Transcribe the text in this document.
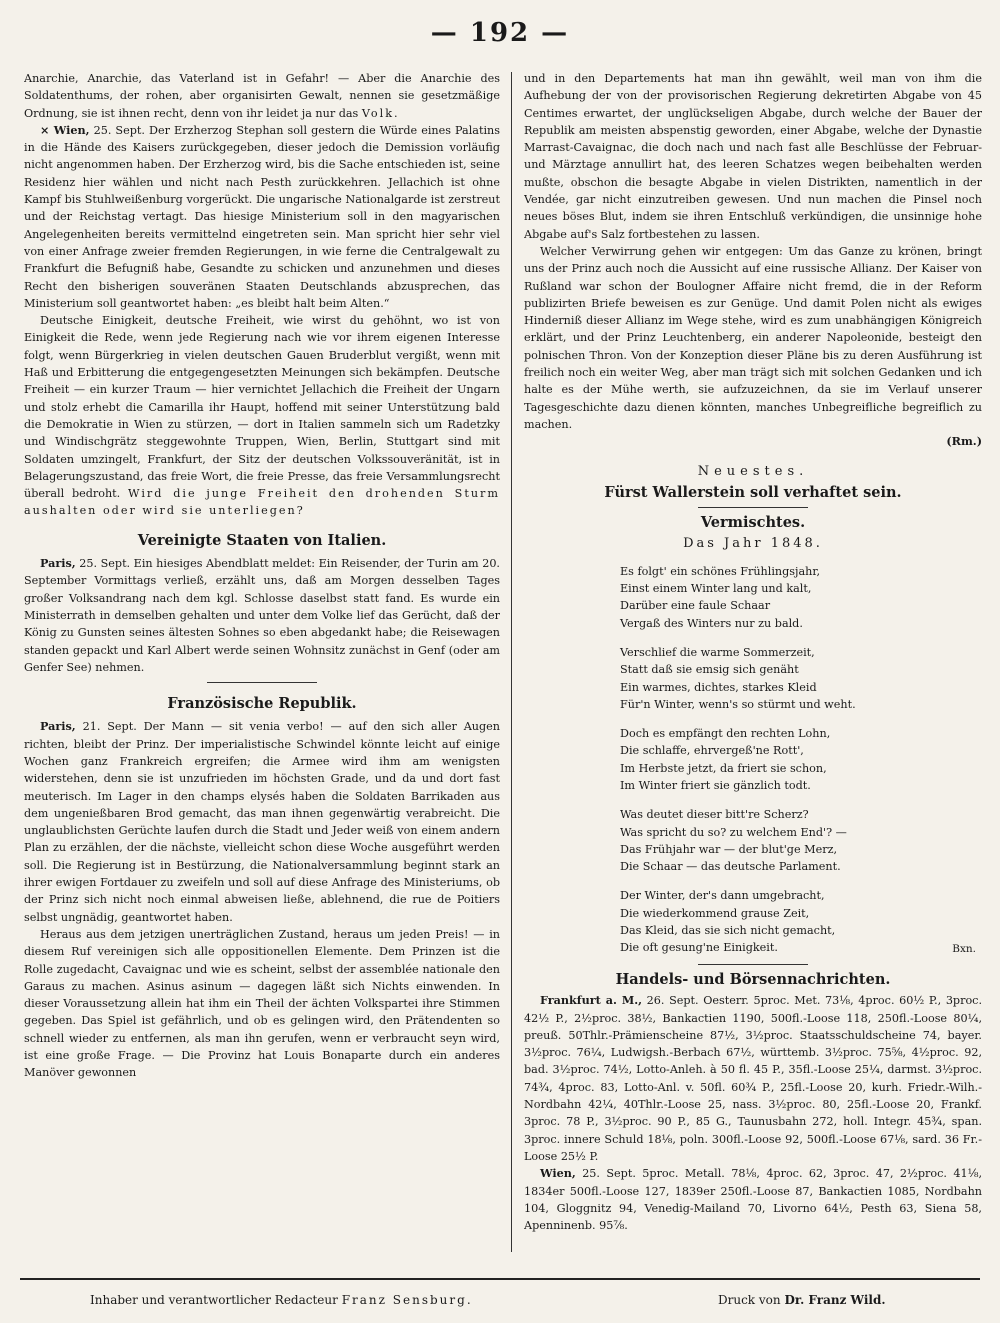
— 192 —

Anarchie, Anarchie, das Vaterland ist in Gefahr! — Aber die Anarchie des Soldatenthums, der rohen, aber organisirten Gewalt, nennen sie gesetzmäßige Ordnung, sie ist ihnen recht, denn von ihr leidet ja nur das Volk.

⨯ Wien, 25. Sept. Der Erzherzog Stephan soll gestern die Würde eines Palatins in die Hände des Kaisers zurückgegeben, dieser jedoch die Demission vorläufig nicht angenommen haben. Der Erzherzog wird, bis die Sache entschieden ist, seine Residenz hier wählen und nicht nach Pesth zurückkehren. Jellachich ist ohne Kampf bis Stuhlweißenburg vorgerückt. Die ungarische Nationalgarde ist zerstreut und der Reichstag vertagt. Das hiesige Ministerium soll in den magyarischen Angelegenheiten bereits vermittelnd eingetreten sein. Man spricht hier sehr viel von einer Anfrage zweier fremden Regierungen, in wie ferne die Centralgewalt zu Frankfurt die Befugniß habe, Gesandte zu schicken und anzunehmen und dieses Recht den bisherigen souveränen Staaten Deutschlands abzusprechen, das Ministerium soll geantwortet haben: „es bleibt halt beim Alten.“

Deutsche Einigkeit, deutsche Freiheit, wie wirst du gehöhnt, wo ist von Einigkeit die Rede, wenn jede Regierung nach wie vor ihrem eigenen Interesse folgt, wenn Bürgerkrieg in vielen deutschen Gauen Bruderblut vergißt, wenn mit Haß und Erbitterung die entgegengesetzten Meinungen sich bekämpfen. Deutsche Freiheit — ein kurzer Traum — hier vernichtet Jellachich die Freiheit der Ungarn und stolz erhebt die Camarilla ihr Haupt, hoffend mit seiner Unterstützung bald die Demokratie in Wien zu stürzen, — dort in Italien sammeln sich um Radetzky und Windischgrätz steggewohnte Truppen, Wien, Berlin, Stuttgart sind mit Soldaten umzingelt, Frankfurt, der Sitz der deutschen Volkssouveränität, ist in Belagerungszustand, das freie Wort, die freie Presse, das freie Versammlungsrecht überall bedroht. Wird die junge Freiheit den drohenden Sturm aushalten oder wird sie unterliegen?

Vereinigte Staaten von Italien.

Paris, 25. Sept. Ein hiesiges Abendblatt meldet: Ein Reisender, der Turin am 20. September Vormittags verließ, erzählt uns, daß am Morgen desselben Tages großer Volksandrang nach dem kgl. Schlosse daselbst statt fand. Es wurde ein Ministerrath in demselben gehalten und unter dem Volke lief das Gerücht, daß der König zu Gunsten seines ältesten Sohnes so eben abgedankt habe; die Reisewagen standen gepackt und Karl Albert werde seinen Wohnsitz zunächst in Genf (oder am Genfer See) nehmen.

Französische Republik.

Paris, 21. Sept. Der Mann — sit venia verbo! — auf den sich aller Augen richten, bleibt der Prinz. Der imperialistische Schwindel könnte leicht auf einige Wochen ganz Frankreich ergreifen; die Armee wird ihm am wenigsten widerstehen, denn sie ist unzufrieden im höchsten Grade, und da und dort fast meuterisch. Im Lager in den champs elysés haben die Soldaten Barrikaden aus dem ungenießbaren Brod gemacht, das man ihnen gegenwärtig verabreicht. Die unglaublichsten Gerüchte laufen durch die Stadt und Jeder weiß von einem andern Plan zu erzählen, der die nächste, vielleicht schon diese Woche ausgeführt werden soll. Die Regierung ist in Bestürzung, die Nationalversammlung beginnt stark an ihrer ewigen Fortdauer zu zweifeln und soll auf diese Anfrage des Ministeriums, ob der Prinz sich nicht noch einmal abweisen ließe, ablehnend, die rue de Poitiers selbst ungnädig, geantwortet haben.

Heraus aus dem jetzigen unerträglichen Zustand, heraus um jeden Preis! — in diesem Ruf vereinigen sich alle oppositionellen Elemente. Dem Prinzen ist die Rolle zugedacht, Cavaignac und wie es scheint, selbst der assemblée nationale den Garaus zu machen. Asinus asinum — dagegen läßt sich Nichts einwenden. In dieser Voraussetzung allein hat ihm ein Theil der ächten Volkspartei ihre Stimmen gegeben. Das Spiel ist gefährlich, und ob es gelingen wird, den Prätendenten so schnell wieder zu entfernen, als man ihn gerufen, wenn er verbraucht seyn wird, ist eine große Frage. — Die Provinz hat Louis Bonaparte durch ein anderes Manöver gewonnen

und in den Departements hat man ihn gewählt, weil man von ihm die Aufhebung der von der provisorischen Regierung dekretirten Abgabe von 45 Centimes erwartet, der unglückseligen Abgabe, durch welche der Bauer der Republik am meisten abspenstig geworden, einer Abgabe, welche der Dynastie Marrast-Cavaignac, die doch nach und nach fast alle Beschlüsse der Februar- und Märztage annullirt hat, des leeren Schatzes wegen beibehalten werden mußte, obschon die besagte Abgabe in vielen Distrikten, namentlich in der Vendée, gar nicht einzutreiben gewesen. Und nun machen die Pinsel noch neues böses Blut, indem sie ihren Entschluß verkündigen, die unsinnige hohe Abgabe auf's Salz fortbestehen zu lassen.

Welcher Verwirrung gehen wir entgegen: Um das Ganze zu krönen, bringt uns der Prinz auch noch die Aussicht auf eine russische Allianz. Der Kaiser von Rußland war schon der Boulogner Affaire nicht fremd, die in der Reform publizirten Briefe beweisen es zur Genüge. Und damit Polen nicht als ewiges Hinderniß dieser Allianz im Wege stehe, wird es zum unabhängigen Königreich erklärt, und der Prinz Leuchtenberg, ein anderer Napoleonide, besteigt den polnischen Thron. Von der Konzeption dieser Pläne bis zu deren Ausführung ist freilich noch ein weiter Weg, aber man trägt sich mit solchen Gedanken und ich halte es der Mühe werth, sie aufzuzeichnen, da sie im Verlauf unserer Tagesgeschichte dazu dienen könnten, manches Unbegreifliche begreiflich zu machen.

(Rm.)
Neuestes.
Fürst Wallerstein soll verhaftet sein.
Vermischtes.
Das Jahr 1848.
Es folgt' ein schönes Frühlingsjahr,
Einst einem Winter lang und kalt,
Darüber eine faule Schaar
Vergaß des Winters nur zu bald.
Verschlief die warme Sommerzeit,
Statt daß sie emsig sich genäht
Ein warmes, dichtes, starkes Kleid
Für'n Winter, wenn's so stürmt und weht.
Doch es empfängt den rechten Lohn,
Die schlaffe, ehrvergeß'ne Rott',
Im Herbste jetzt, da friert sie schon,
Im Winter friert sie gänzlich todt.
Was deutet dieser bitt're Scherz?
Was spricht du so? zu welchem End'? —
Das Frühjahr war — der blut'ge Merz,
Die Schaar — das deutsche Parlament.
Der Winter, der's dann umgebracht,
Die wiederkommend grause Zeit,
Das Kleid, das sie sich nicht gemacht,
Die oft gesung'ne Einigkeit.	Bxn.
Handels- und Börsennachrichten.

Frankfurt a. M., 26. Sept. Oesterr. 5proc. Met. 73⅛, 4proc. 60½ P., 3proc. 42½ P., 2½proc. 38½, Bankactien 1190, 500fl.-Loose 118, 250fl.-Loose 80¼, preuß. 50Thlr.-Prämienscheine 87½, 3½proc. Staatsschuldscheine 74, bayer. 3½proc. 76¼, Ludwigsh.-Berbach 67½, württemb. 3½proc. 75⅝, 4½proc. 92, bad. 3½proc. 74½, Lotto-Anleh. à 50 fl. 45 P., 35fl.-Loose 25¼, darmst. 3½proc. 74¾, 4proc. 83, Lotto-Anl. v. 50fl. 60¾ P., 25fl.-Loose 20, kurh. Friedr.-Wilh.-Nordbahn 42¼, 40Thlr.-Loose 25, nass. 3½proc. 80, 25fl.-Loose 20, Frankf. 3proc. 78 P., 3½proc. 90 P., 85 G., Taunusbahn 272, holl. Integr. 45¾, span. 3proc. innere Schuld 18⅛, poln. 300fl.-Loose 92, 500fl.-Loose 67⅛, sard. 36 Fr.-Loose 25½ P.

Wien, 25. Sept. 5proc. Metall. 78⅛, 4proc. 62, 3proc. 47, 2½proc. 41⅛, 1834er 500fl.-Loose 127, 1839er 250fl.-Loose 87, Bankactien 1085, Nordbahn 104, Gloggnitz 94, Venedig-Mailand 70, Livorno 64½, Pesth 63, Siena 58, Apenninenb. 95⅞.

Inhaber und verantwortlicher Redacteur Franz Sensburg.	Druck von Dr. Franz Wild.
